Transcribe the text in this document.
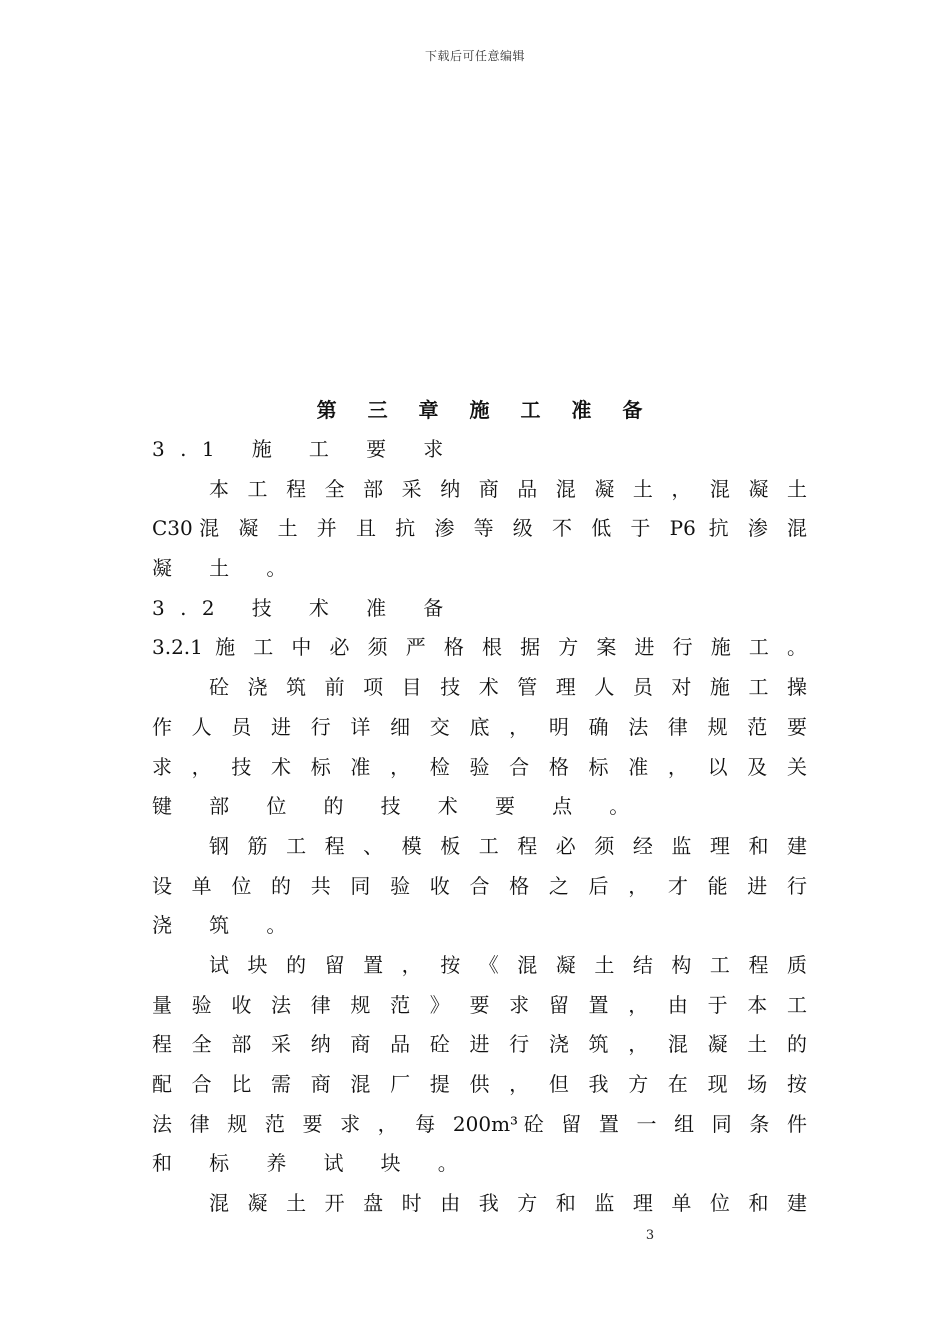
下载后可任意编辑
第 三 章 施 工 准 备
3.1 施 工 要 求
本 工 程 全 部 采 纳 商 品 混 凝 土 ， 混 凝 土
C30混 凝 土 并 且 抗 渗 等 级 不 低 于 P6 抗 渗 混
凝 土 。
3.2 技 术 准 备
3.2.1 施 工 中 必 须 严 格 根 据 方 案 进 行 施 工 。
砼 浇 筑 前 项 目 技 术 管 理 人 员 对 施 工 操
作 人 员 进 行 详 细 交 底 ， 明 确 法 律 规 范 要
求 ， 技 术 标 准 ， 检 验 合 格 标 准 ， 以 及 关
键 部 位 的 技 术 要 点 。
钢 筋 工 程 、 模 板 工 程 必 须 经 监 理 和 建
设 单 位 的 共 同 验 收 合 格 之 后 ， 才 能 进 行
浇 筑 。
试 块 的 留 置 ， 按 《 混 凝 土 结 构 工 程 质
量 验 收 法 律 规 范 》 要 求 留 置 ， 由 于 本 工
程 全 部 采 纳 商 品 砼 进 行 浇 筑 ， 混 凝 土 的
配 合 比 需 商 混 厂 提 供 ， 但 我 方 在 现 场 按
法 律 规 范 要 求 ， 每 200m³砼 留 置 一 组 同 条 件
和 标 养 试 块 。
混 凝 土 开 盘 时 由 我 方 和 监 理 单 位 和 建
3
